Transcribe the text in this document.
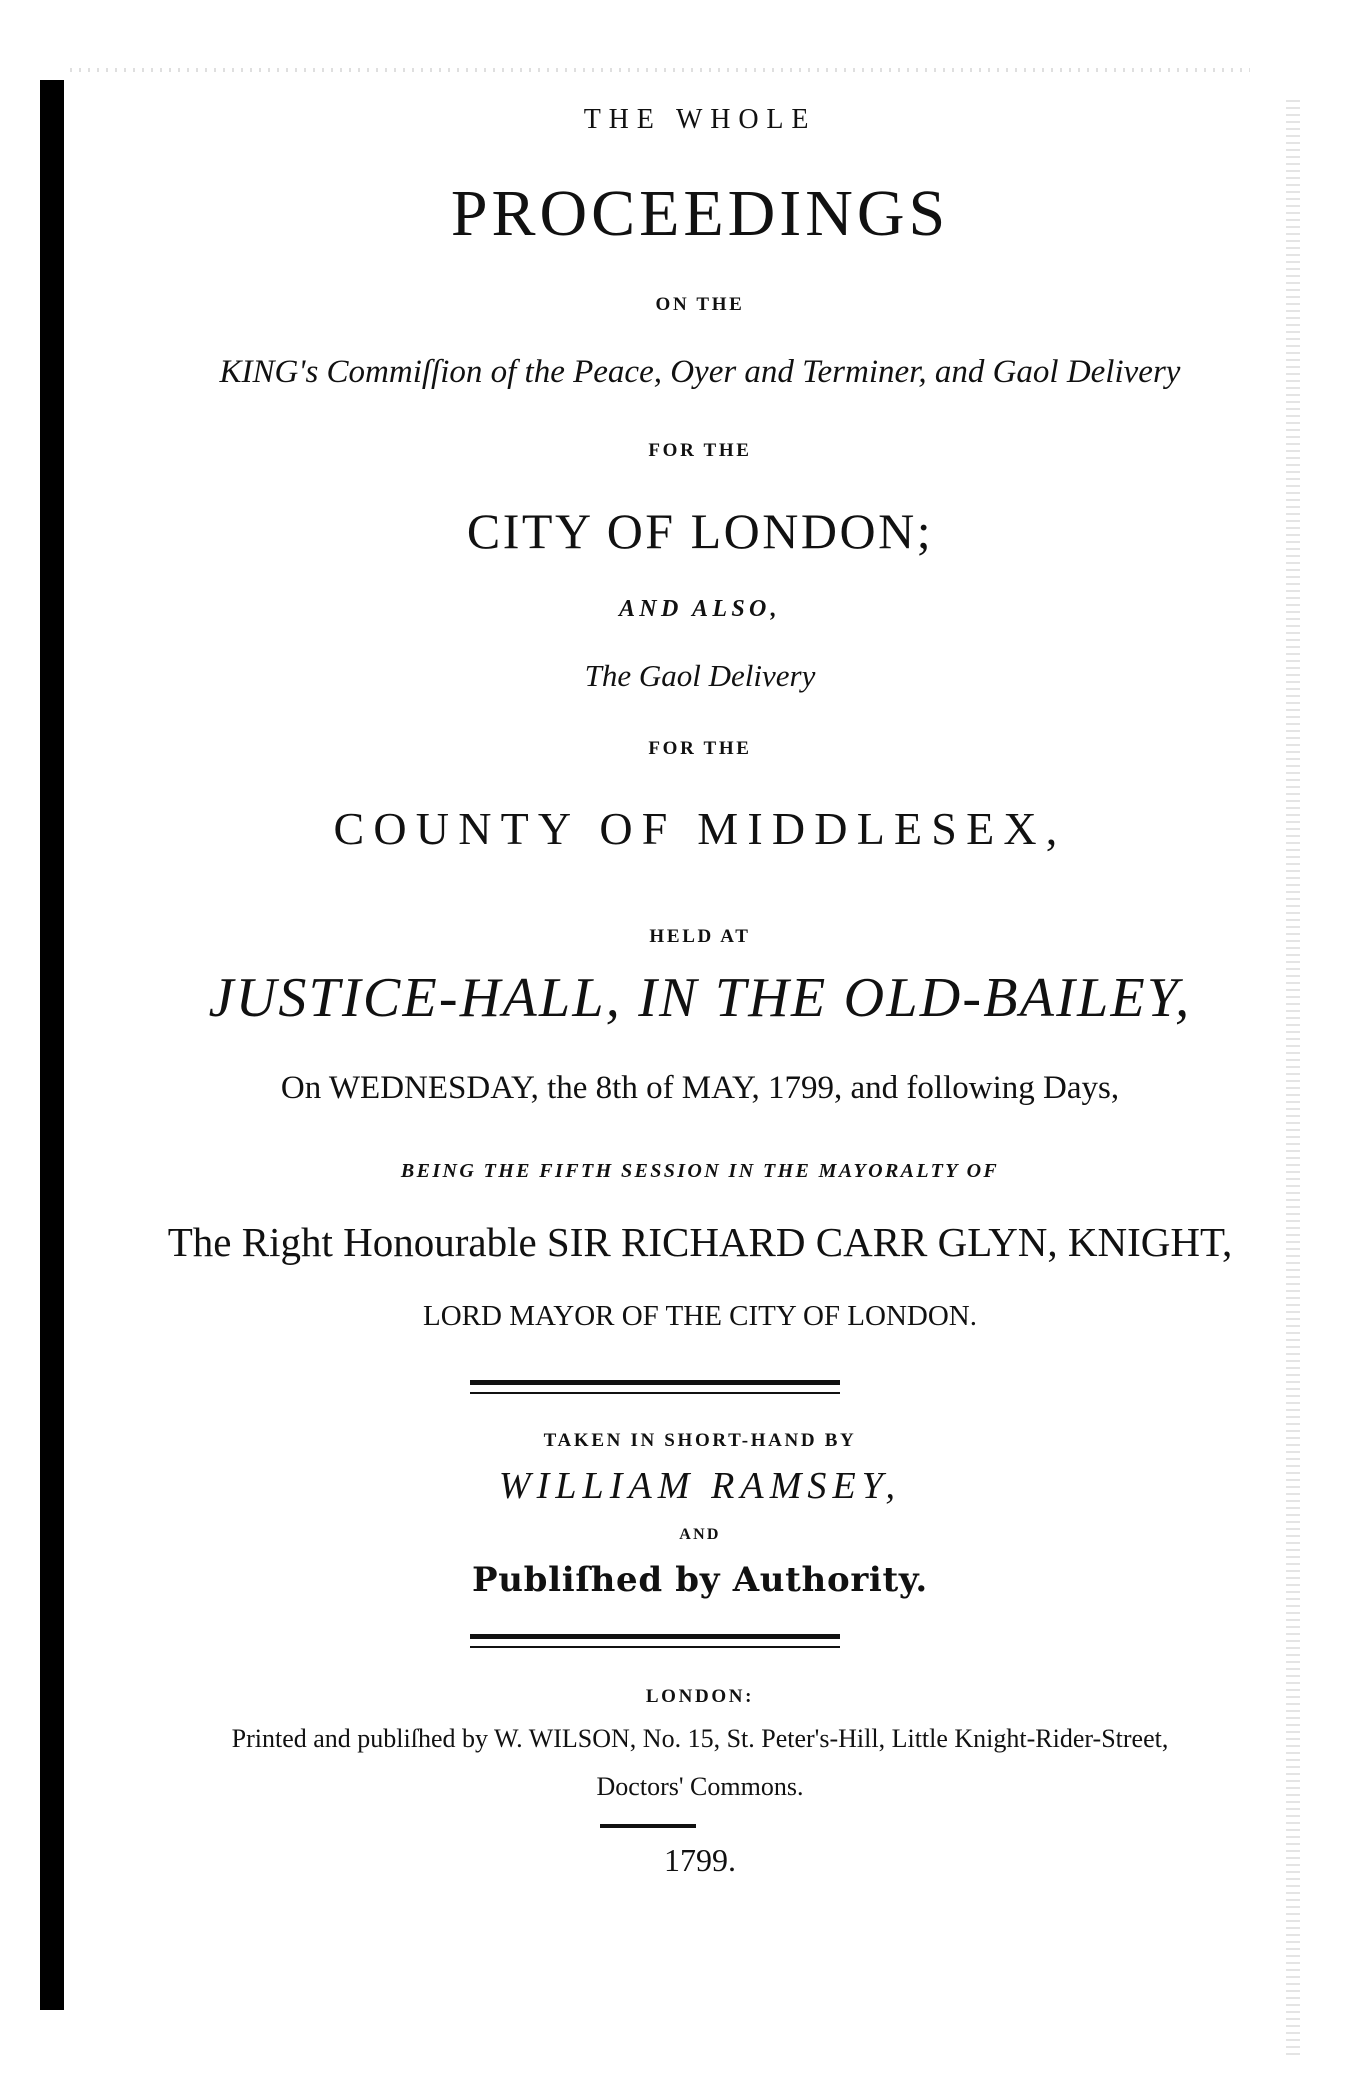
THE WHOLE
PROCEEDINGS
ON THE
KING's Commiſſion of the Peace, Oyer and Terminer, and Gaol Delivery
FOR THE
CITY OF LONDON;
AND ALSO,
The Gaol Delivery
FOR THE
COUNTY OF MIDDLESEX,
HELD AT
JUSTICE-HALL, IN THE OLD-BAILEY,
On WEDNESDAY, the 8th of MAY, 1799, and following Days,
BEING THE FIFTH SESSION IN THE MAYORALTY OF
The Right Honourable SIR RICHARD CARR GLYN, KNIGHT,
LORD MAYOR OF THE CITY OF LONDON.
TAKEN IN SHORT-HAND BY
WILLIAM RAMSEY,
AND
Publiſhed by Authority.
LONDON:
Printed and publiſhed by W. WILSON, No. 15, St. Peter's-Hill, Little Knight-Rider-Street,
Doctors' Commons.
1799.
